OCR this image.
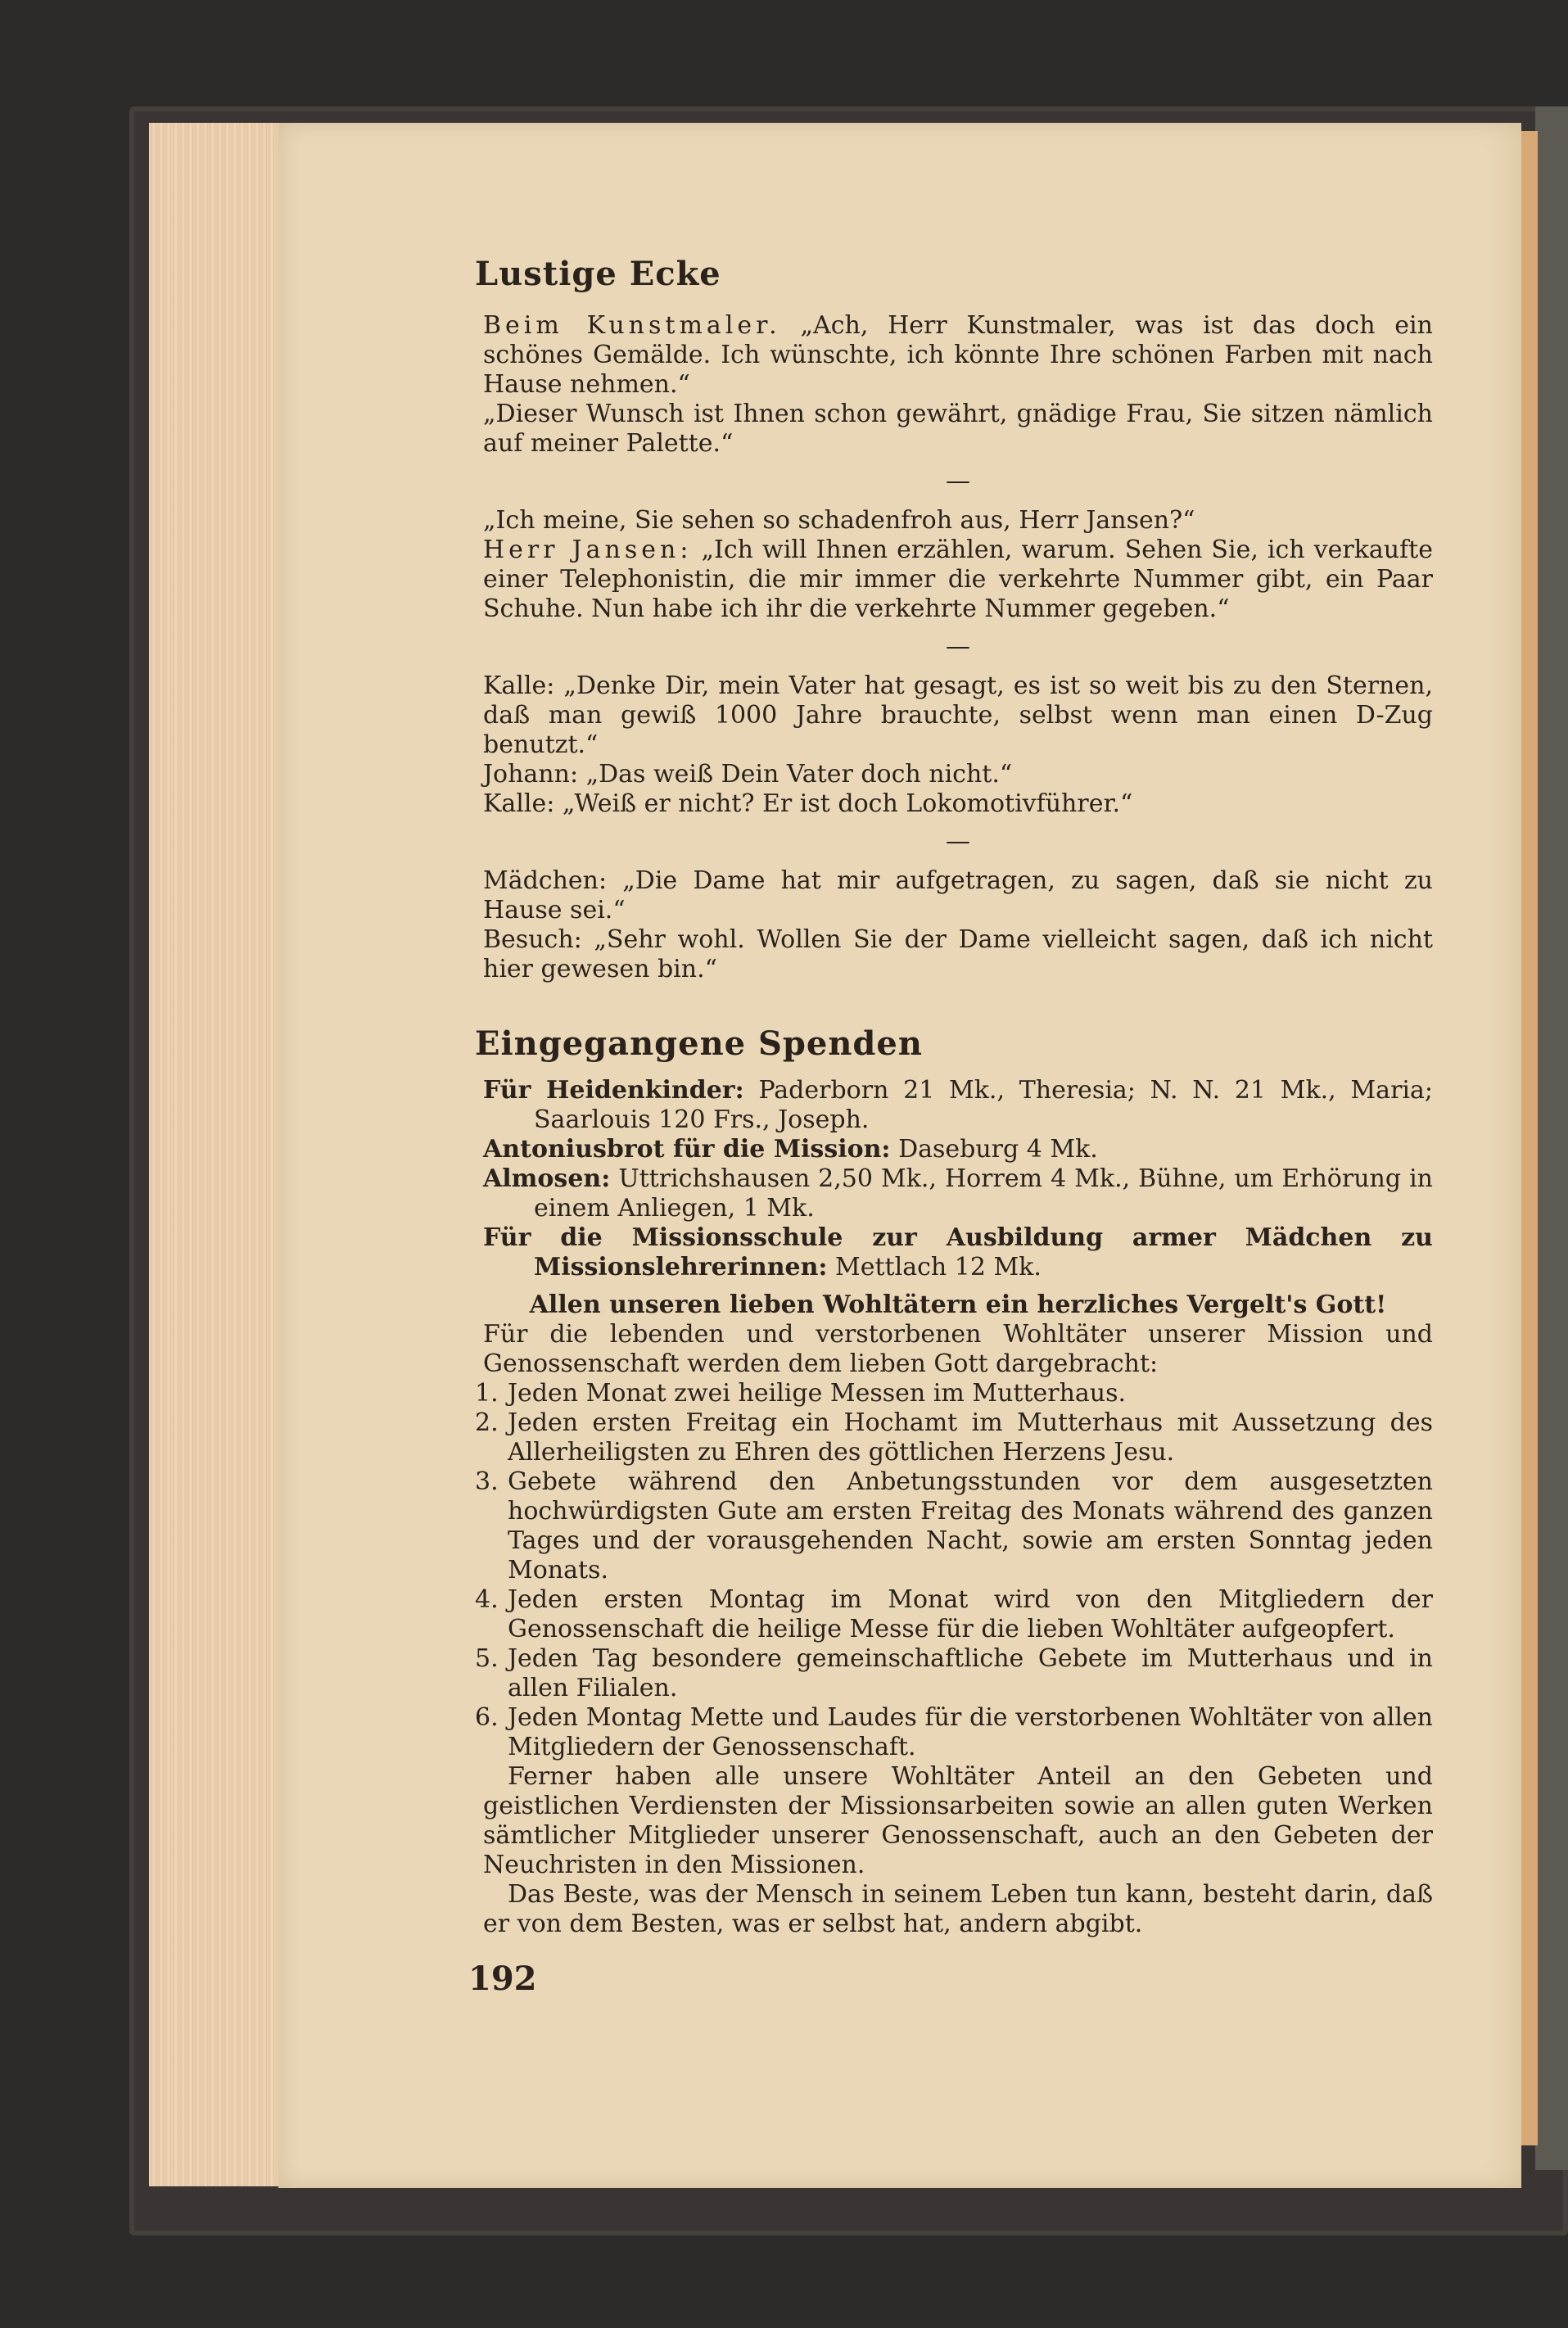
Lustige Ecke

Beim Kunstmaler. „Ach, Herr Kunstmaler, was ist das doch ein schönes Gemälde. Ich wünschte, ich könnte Ihre schönen Farben mit nach Hause nehmen.“

„Dieser Wunsch ist Ihnen schon gewährt, gnädige Frau, Sie sitzen nämlich auf meiner Palette.“

—

„Ich meine, Sie sehen so schadenfroh aus, Herr Jansen?“

Herr Jansen: „Ich will Ihnen erzählen, warum. Sehen Sie, ich verkaufte einer Telephonistin, die mir immer die verkehrte Nummer gibt, ein Paar Schuhe. Nun habe ich ihr die verkehrte Nummer gegeben.“

—

Kalle: „Denke Dir, mein Vater hat gesagt, es ist so weit bis zu den Sternen, daß man gewiß 1000 Jahre brauchte, selbst wenn man einen D-Zug benutzt.“

Johann: „Das weiß Dein Vater doch nicht.“

Kalle: „Weiß er nicht? Er ist doch Lokomotivführer.“

—

Mädchen: „Die Dame hat mir aufgetragen, zu sagen, daß sie nicht zu Hause sei.“

Besuch: „Sehr wohl. Wollen Sie der Dame vielleicht sagen, daß ich nicht hier gewesen bin.“

Eingegangene Spenden

Für Heidenkinder: Paderborn 21 Mk., Theresia; N. N. 21 Mk., Maria; Saarlouis 120 Frs., Joseph.

Antoniusbrot für die Mission: Daseburg 4 Mk.

Almosen: Uttrichshausen 2,50 Mk., Horrem 4 Mk., Bühne, um Erhörung in einem Anliegen, 1 Mk.

Für die Missionsschule zur Ausbildung armer Mädchen zu Missionslehrerinnen: Mettlach 12 Mk.

Allen unseren lieben Wohltätern ein herzliches Vergelt's Gott!

Für die lebenden und verstorbenen Wohltäter unserer Mission und Genossenschaft werden dem lieben Gott dargebracht:

1. Jeden Monat zwei heilige Messen im Mutterhaus.
2. Jeden ersten Freitag ein Hochamt im Mutterhaus mit Aussetzung des Allerheiligsten zu Ehren des göttlichen Herzens Jesu.
3. Gebete während den Anbetungsstunden vor dem ausgesetzten hochwürdigsten Gute am ersten Freitag des Monats während des ganzen Tages und der vorausgehenden Nacht, sowie am ersten Sonntag jeden Monats.
4. Jeden ersten Montag im Monat wird von den Mitgliedern der Genossenschaft die heilige Messe für die lieben Wohltäter aufgeopfert.
5. Jeden Tag besondere gemeinschaftliche Gebete im Mutterhaus und in allen Filialen.
6. Jeden Montag Mette und Laudes für die verstorbenen Wohltäter von allen Mitgliedern der Genossenschaft.

Ferner haben alle unsere Wohltäter Anteil an den Gebeten und geistlichen Verdiensten der Missionsarbeiten sowie an allen guten Werken sämtlicher Mitglieder unserer Genossenschaft, auch an den Gebeten der Neuchristen in den Missionen.

Das Beste, was der Mensch in seinem Leben tun kann, besteht darin, daß er von dem Besten, was er selbst hat, andern abgibt.

192
